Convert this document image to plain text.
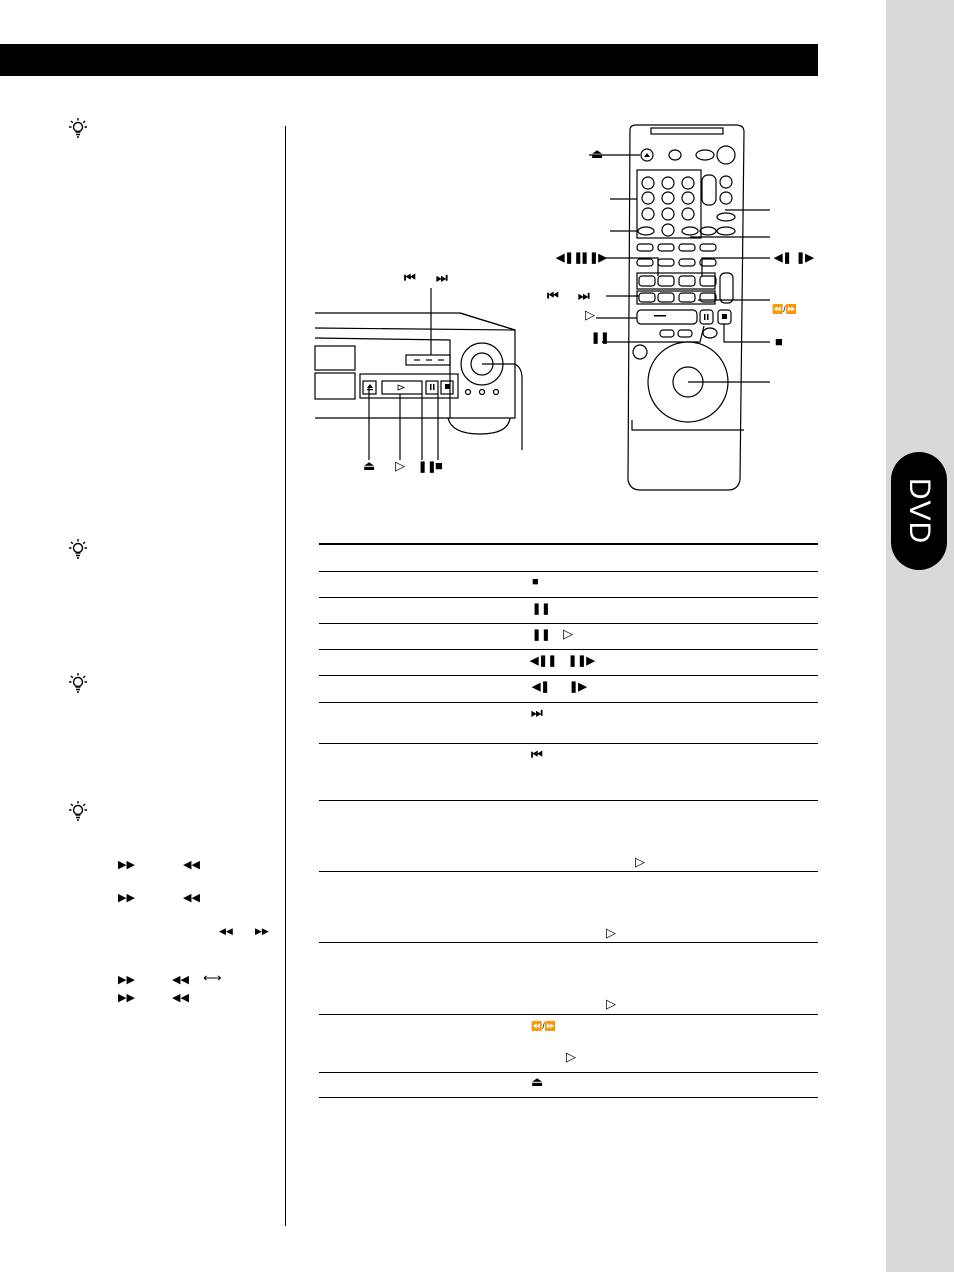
DVD
▶▶	◀◀
▶▶	◀◀
◀◀ ▶▶
▶▶	◀◀ ⟷
▶▶	◀◀
⏮ ⏭
⏏ ▷ ❚❚
■
⏏
◀❚❚
❚❚▶	◀❚ ❚▶
⏮ ⏭
⏪/⏩
▷
❚❚	■
■
❚❚
❚❚ ▷
◀❚❚ ❚❚▶
◀❚ ❚▶
⏭
⏮
▷
▷
▷
⏪/⏩
▷
⏏
